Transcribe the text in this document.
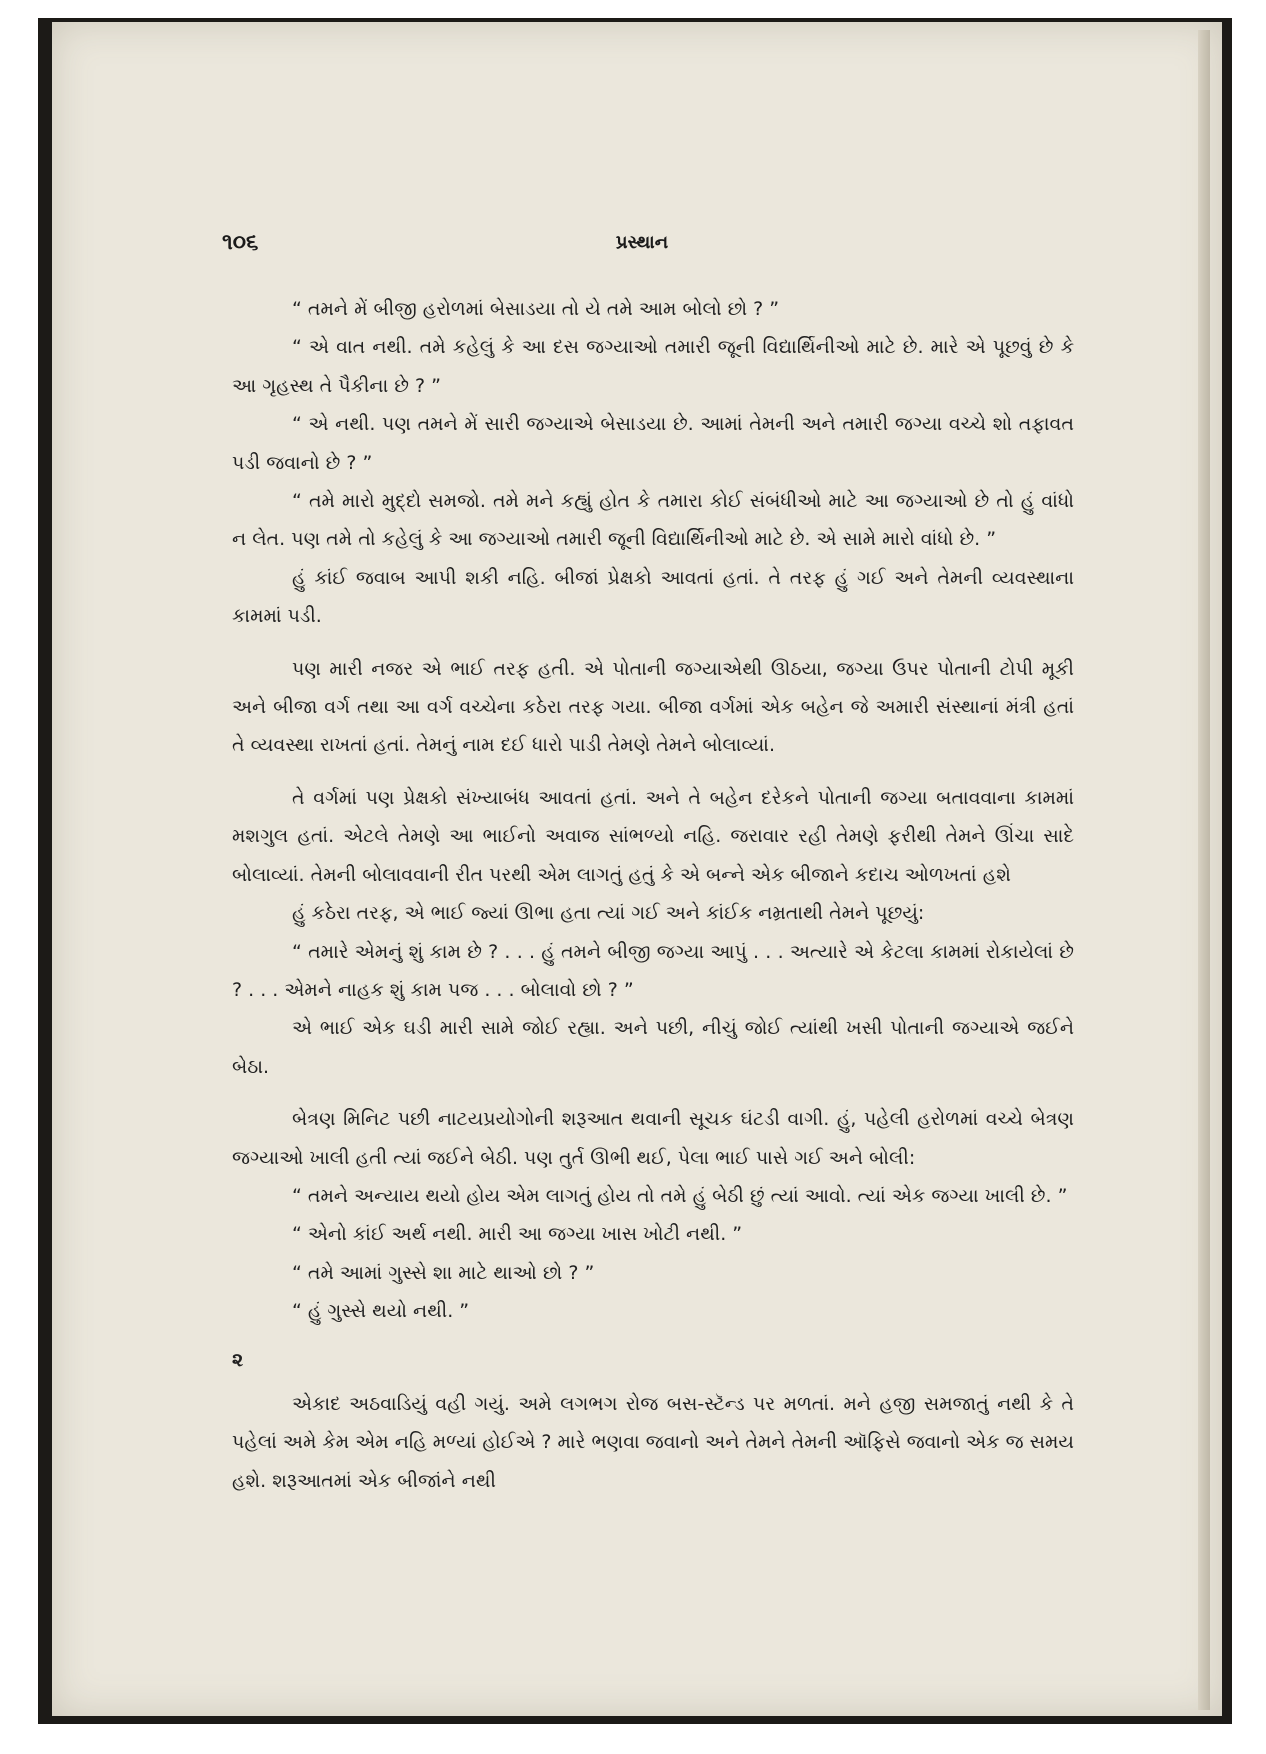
૧૦૬	પ્રસ્થાન

“ તમને મેં બીજી હરોળમાં બેસાડયા તો યે તમે આમ બોલો છો ? ”

“ એ વાત નથી. તમે કહેલું કે આ દસ જગ્યાઓ તમારી જૂની વિદ્યાર્થિનીઓ માટે છે. મારે એ પૂછવું છે કે આ ગૃહસ્થ તે પૈકીના છે ? ”

“ એ નથી. પણ તમને મેં સારી જગ્યાએ બેસાડયા છે. આમાં તેમની અને તમારી જગ્યા વચ્ચે શો તફાવત પડી જવાનો છે ? ”

“ તમે મારો મુદ્દો સમજો. તમે મને કહ્યું હોત કે તમારા કોઈ સંબંધીઓ માટે આ જગ્યાઓ છે તો હું વાંધો ન લેત. પણ તમે તો કહેલું કે આ જગ્યાઓ તમારી જૂની વિદ્યાર્થિનીઓ માટે છે. એ સામે મારો વાંધો છે. ”

હું કાંઈ જવાબ આપી શકી નહિ. બીજાં પ્રેક્ષકો આવતાં હતાં. તે તરફ હું ગઈ અને તેમની વ્યવસ્થાના કામમાં પડી.

પણ મારી નજર એ ભાઈ તરફ હતી. એ પોતાની જગ્યાએથી ઊઠયા, જગ્યા ઉપર પોતાની ટોપી મૂકી અને બીજા વર્ગ તથા આ વર્ગ વચ્ચેના કઠેરા તરફ ગયા. બીજા વર્ગમાં એક બહેન જે અમારી સંસ્થાનાં મંત્રી હતાં તે વ્યવસ્થા રાખતાં હતાં. તેમનું નામ દઈ ધારો પાડી તેમણે તેમને બોલાવ્યાં.

તે વર્ગમાં પણ પ્રેક્ષકો સંખ્યાબંધ આવતાં હતાં. અને તે બહેન દરેકને પોતાની જગ્યા બતાવવાના કામમાં મશગુલ હતાં. એટલે તેમણે આ ભાઈનો અવાજ સાંભળ્યો નહિ. જરાવાર રહી તેમણે ફરીથી તેમને ઊંચા સાદે બોલાવ્યાં. તેમની બોલાવવાની રીત પરથી એમ લાગતું હતું કે એ બન્ને એક બીજાને કદાચ ઓળખતાં હશે

હું કઠેરા તરફ, એ ભાઈ જ્યાં ઊભા હતા ત્યાં ગઈ અને કાંઈક નમ્રતાથી તેમને પૂછયું:

“ તમારે એમનું શું કામ છે ? . . . હું તમને બીજી જગ્યા આપું . . . અત્યારે એ કેટલા કામમાં રોકાયેલાં છે ? . . . એમને નાહક શું કામ પજ . . . બોલાવો છો ? ”

એ ભાઈ એક ઘડી મારી સામે જોઈ રહ્યા. અને પછી, નીચું જોઈ ત્યાંથી ખસી પોતાની જગ્યાએ જઈને બેઠા.

બેત્રણ મિનિટ પછી નાટયપ્રયોગોની શરૂઆત થવાની સૂચક ઘંટડી વાગી. હું, પહેલી હરોળમાં વચ્ચે બેત્રણ જગ્યાઓ ખાલી હતી ત્યાં જઈને બેઠી. પણ તુર્ત ઊભી થઈ, પેલા ભાઈ પાસે ગઈ અને બોલી:

“ તમને અન્યાય થયો હોય એમ લાગતું હોય તો તમે હું બેઠી છું ત્યાં આવો. ત્યાં એક જગ્યા ખાલી છે. ”

“ એનો કાંઈ અર્થ નથી. મારી આ જગ્યા ખાસ ખોટી નથી. ”

“ તમે આમાં ગુસ્સે શા માટે થાઓ છો ? ”

“ હું ગુસ્સે થયો નથી. ”

૨

એકાદ અઠવાડિયું વહી ગયું. અમે લગભગ રોજ બસ-સ્ટૅન્ડ પર મળતાં. મને હજી સમજાતું નથી કે તે પહેલાં અમે કેમ એમ નહિ મળ્યાં હોઈએ ? મારે ભણવા જવાનો અને તેમને તેમની ઑફિસે જવાનો એક જ સમય હશે. શરૂઆતમાં એક બીજાંને નથી
